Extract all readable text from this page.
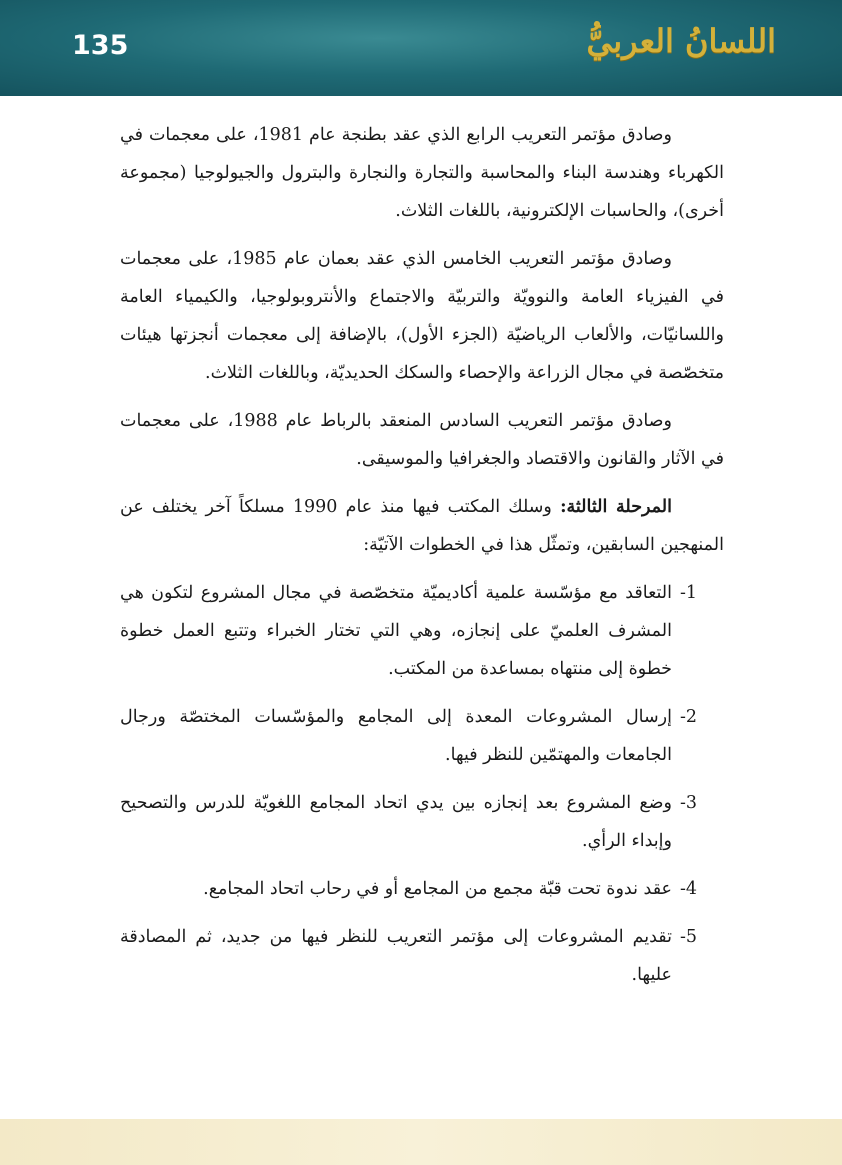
135	اللسانُ العربيُّ

وصادق مؤتمر التعريب الرابع الذي عقد بطنجة عام 1981، على معجمات في الكهرباء وهندسة البناء والمحاسبة والتجارة والنجارة والبترول والجيولوجيا (مجموعة أخرى)، والحاسبات الإلكترونية، باللغات الثلاث.

وصادق مؤتمر التعريب الخامس الذي عقد بعمان عام 1985، على معجمات في الفيزياء العامة والنوويّة والتربيّة والاجتماع والأنتروبولوجيا، والكيمياء العامة واللسانيّات، والألعاب الرياضيّة (الجزء الأول)، بالإضافة إلى معجمات أنجزتها هيئات متخصّصة في مجال الزراعة والإحصاء والسكك الحديديّة، وباللغات الثلاث.

وصادق مؤتمر التعريب السادس المنعقد بالرباط عام 1988، على معجمات في الآثار والقانون والاقتصاد والجغرافيا والموسيقى.

المرحلة الثالثة: وسلك المكتب فيها منذ عام 1990 مسلكاً آخر يختلف عن المنهجين السابقين، وتمثّل هذا في الخطوات الآتيّة:

-1
التعاقد مع مؤسّسة علمية أكاديميّة متخصّصة في مجال المشروع لتكون هي المشرف العلميّ على إنجازه، وهي التي تختار الخبراء وتتبع العمل خطوة خطوة إلى منتهاه بمساعدة من المكتب.
-2
إرسال المشروعات المعدة إلى المجامع والمؤسّسات المختصّة ورجال الجامعات والمهتمّين للنظر فيها.
-3
وضع المشروع بعد إنجازه بين يدي اتحاد المجامع اللغويّة للدرس والتصحيح وإبداء الرأي.
-4
عقد ندوة تحت قبّة مجمع من المجامع أو في رحاب اتحاد المجامع.
-5
تقديم المشروعات إلى مؤتمر التعريب للنظر فيها من جديد، ثم المصادقة عليها.
